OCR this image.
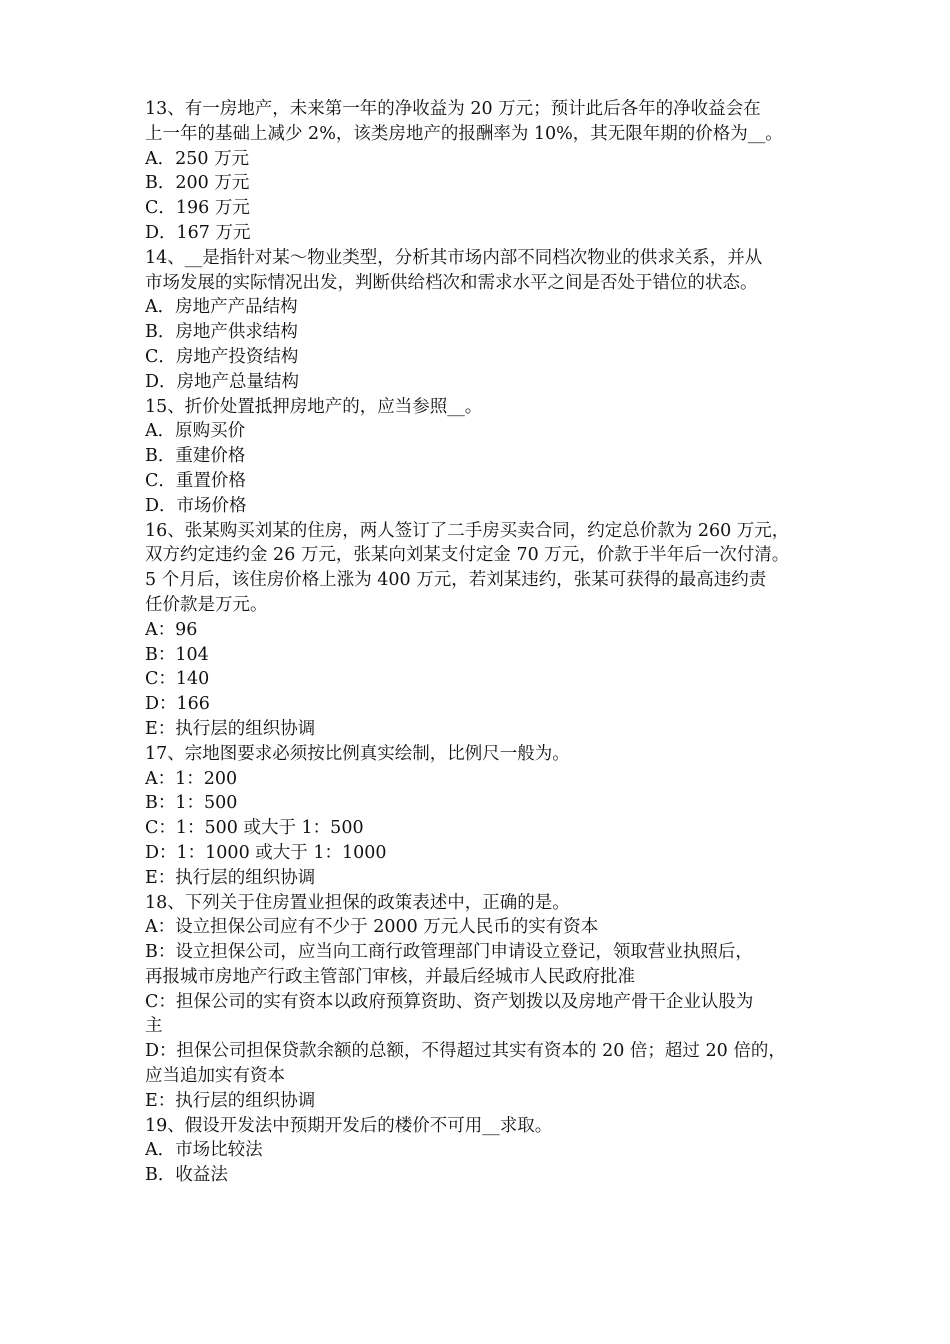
13、有一房地产，未来第一年的净收益为 20 万元；预计此后各年的净收益会在
上一年的基础上减少 2%，该类房地产的报酬率为 10%，其无限年期的价格为__。
A．250 万元
B．200 万元
C．196 万元
D．167 万元
14、__是指针对某～物业类型，分析其市场内部不同档次物业的供求关系，并从
市场发展的实际情况出发，判断供给档次和需求水平之间是否处于错位的状态。
A．房地产产品结构
B．房地产供求结构
C．房地产投资结构
D．房地产总量结构
15、折价处置抵押房地产的，应当参照__。
A．原购买价
B．重建价格
C．重置价格
D．市场价格
16、张某购买刘某的住房，两人签订了二手房买卖合同，约定总价款为 260 万元，
双方约定违约金 26 万元，张某向刘某支付定金 70 万元，价款于半年后一次付清。
5 个月后，该住房价格上涨为 400 万元，若刘某违约，张某可获得的最高违约责
任价款是万元。
A：96
B：104
C：140
D：166
E：执行层的组织协调
17、宗地图要求必须按比例真实绘制，比例尺一般为。
A：1：200
B：1：500
C：1：500 或大于 1：500
D：1：1000 或大于 1：1000
E：执行层的组织协调
18、下列关于住房置业担保的政策表述中，正确的是。
A：设立担保公司应有不少于 2000 万元人民币的实有资本
B：设立担保公司，应当向工商行政管理部门申请设立登记，领取营业执照后，
再报城市房地产行政主管部门审核，并最后经城市人民政府批准
C：担保公司的实有资本以政府预算资助、资产划拨以及房地产骨干企业认股为
主
D：担保公司担保贷款余额的总额，不得超过其实有资本的 20 倍；超过 20 倍的，
应当追加实有资本
E：执行层的组织协调
19、假设开发法中预期开发后的楼价不可用__求取。
A．市场比较法
B．收益法
